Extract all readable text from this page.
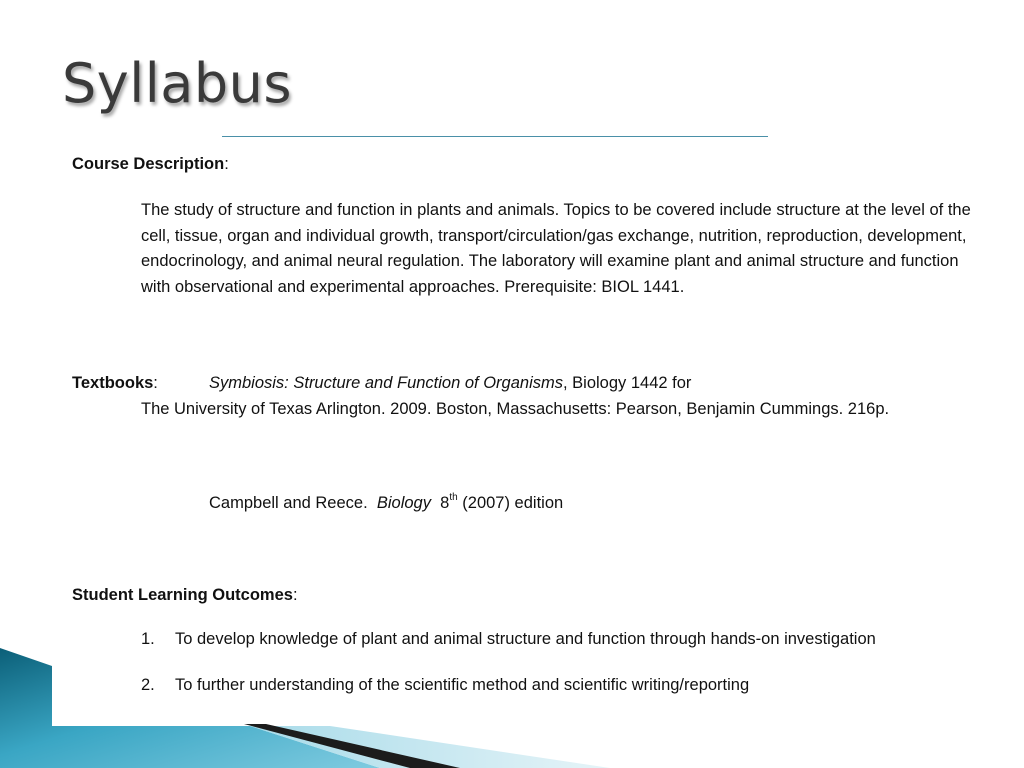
Syllabus
Course Description:
The study of structure and function in plants and animals. Topics to be covered include structure at the level of the cell, tissue, organ and individual growth, transport/circulation/gas exchange, nutrition, reproduction, development, endocrinology, and animal neural regulation. The laboratory will examine plant and animal structure and function with observational and experimental approaches. Prerequisite: BIOL 1441.
Textbooks:	Symbiosis: Structure and Function of Organisms, Biology 1442 for
The University of Texas Arlington. 2009. Boston, Massachusetts: Pearson, Benjamin Cummings. 216p.
Campbell and Reece. Biology 8th (2007) edition
Student Learning Outcomes:
1. To develop knowledge of plant and animal structure and function through hands-on investigation
2. To further understanding of the scientific method and scientific writing/reporting
